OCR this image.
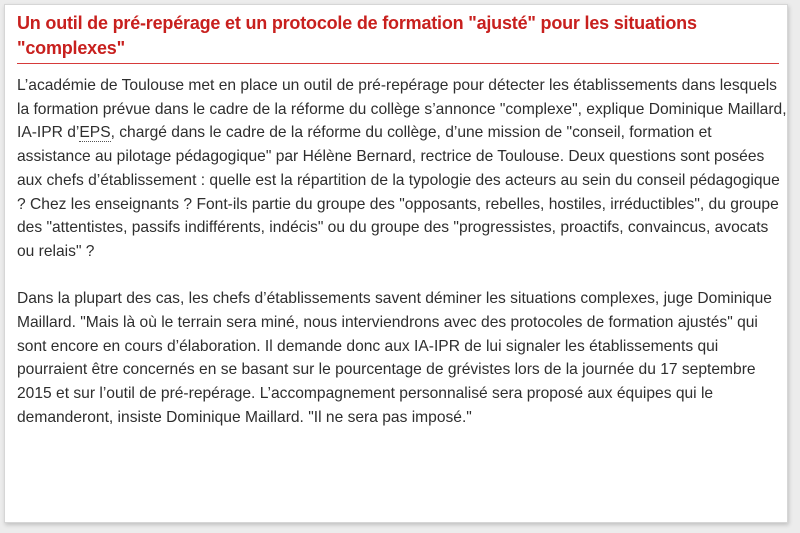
Un outil de pré-repérage et un protocole de formation "ajusté" pour les situations "complexes"

L’académie de Toulouse met en place un outil de pré-repérage pour détecter les établissements dans lesquels la formation prévue dans le cadre de la réforme du collège s’annonce "complexe", explique Dominique Maillard, IA-IPR d’EPS, chargé dans le cadre de la réforme du collège, d’une mission de "conseil, formation et assistance au pilotage pédagogique" par Hélène Bernard, rectrice de Toulouse. Deux questions sont posées aux chefs d’établissement : quelle est la répartition de la typologie des acteurs au sein du conseil pédagogique ? Chez les enseignants ? Font-ils partie du groupe des "opposants, rebelles, hostiles, irréductibles", du groupe des "attentistes, passifs indifférents, indécis" ou du groupe des "progressistes, proactifs, convaincus, avocats ou relais" ?

Dans la plupart des cas, les chefs d’établissements savent déminer les situations complexes, juge Dominique Maillard. "Mais là où le terrain sera miné, nous interviendrons avec des protocoles de formation ajustés" qui sont encore en cours d’élaboration. Il demande donc aux IA-IPR de lui signaler les établissements qui pourraient être concernés en se basant sur le pourcentage de grévistes lors de la journée du 17 septembre 2015 et sur l’outil de pré-repérage. L’accompagnement personnalisé sera proposé aux équipes qui le demanderont, insiste Dominique Maillard. "Il ne sera pas imposé."
